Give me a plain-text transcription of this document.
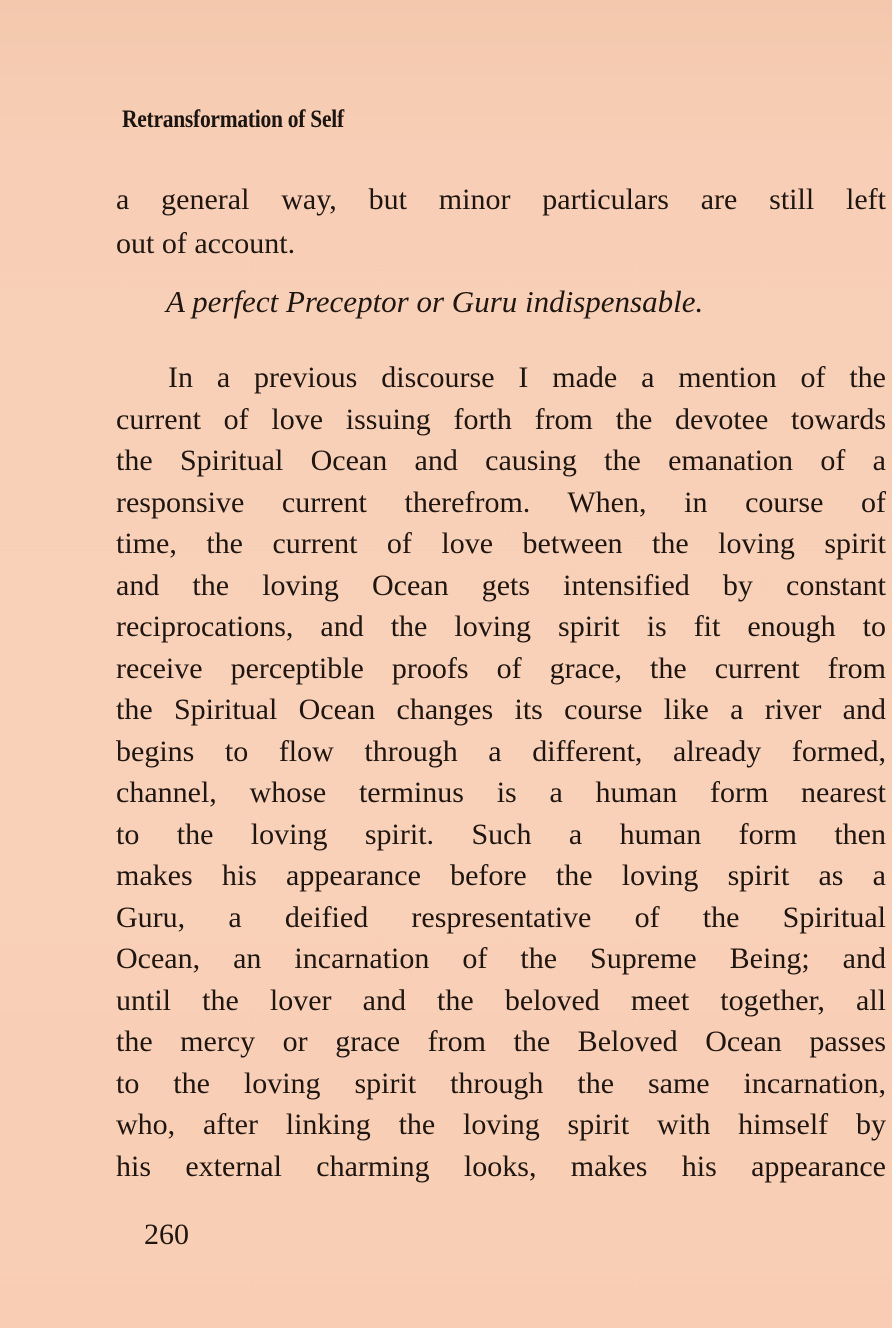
Retransformation of Self
a general way, but minor particulars are still left
out of account.
A perfect Preceptor or Guru indispensable.
In a previous discourse I made a mention of the
current of love issuing forth from the devotee towards
the Spiritual Ocean and causing the emanation of a
responsive current therefrom. When, in course of
time, the current of love between the loving spirit
and the loving Ocean gets intensified by constant
reciprocations, and the loving spirit is fit enough to
receive perceptible proofs of grace, the current from
the Spiritual Ocean changes its course like a river and
begins to flow through a different, already formed,
channel, whose terminus is a human form nearest
to the loving spirit. Such a human form then
makes his appearance before the loving spirit as a
Guru, a deified respresentative of the Spiritual
Ocean, an incarnation of the Supreme Being; and
until the lover and the beloved meet together, all
the mercy or grace from the Beloved Ocean passes
to the loving spirit through the same incarnation,
who, after linking the loving spirit with himself by
his external charming looks, makes his appearance
260
